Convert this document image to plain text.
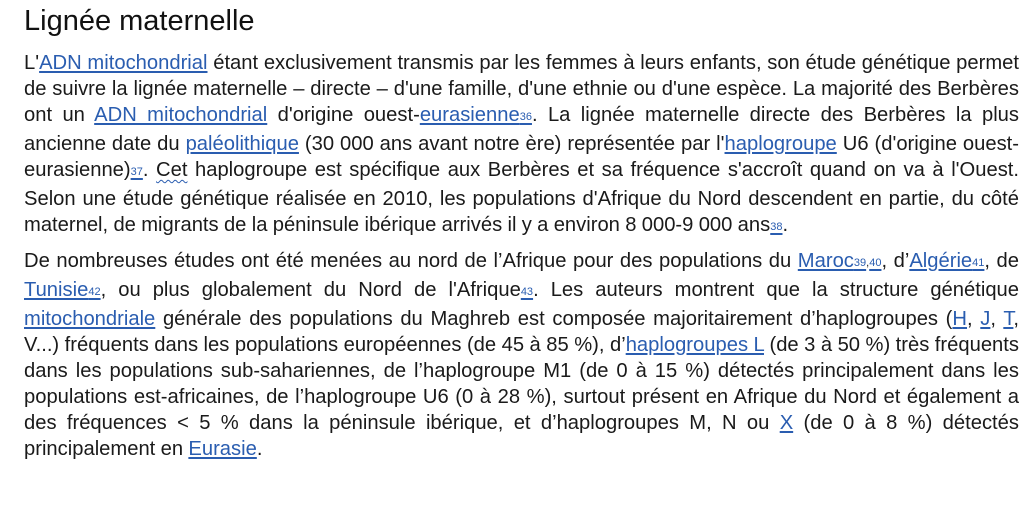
Lignée maternelle

L'ADN mitochondrial étant exclusivement transmis par les femmes à leurs enfants, son étude génétique permet de suivre la lignée maternelle – directe – d'une famille, d'une ethnie ou d'une espèce. La majorité des Berbères ont un ADN mitochondrial d'origine ouest-eurasienne$^{36}$. La lignée maternelle directe des Berbères la plus ancienne date du paléolithique (30 000 ans avant notre ère) représentée par l'haplogroupe U6 (d'origine ouest-eurasienne)$^{37}$. Cet haplogroupe est spécifique aux Berbères et sa fréquence s'accroît quand on va à l'Ouest. Selon une étude génétique réalisée en 2010, les populations d'Afrique du Nord descendent en partie, du côté maternel, de migrants de la péninsule ibérique arrivés il y a environ 8 000-9 000 ans$^{38}$.

De nombreuses études ont été menées au nord de l’Afrique pour des populations du Maroc$^{39,40}$, d’Algérie$^{41}$, de Tunisie$^{42}$, ou plus globalement du Nord de l'Afrique$^{43}$. Les auteurs montrent que la structure génétique mitochondriale générale des populations du Maghreb est composée majoritairement d’haplogroupes (H, J, T, V...) fréquents dans les populations européennes (de 45 à 85 %), d’haplogroupes L (de 3 à 50 %) très fréquents dans les populations sub-sahariennes, de l’haplogroupe M1 (de 0 à 15 %) détectés principalement dans les populations est-africaines, de l’haplogroupe U6 (0 à 28 %), surtout présent en Afrique du Nord et également a des fréquences < 5 % dans la péninsule ibérique, et d’haplogroupes M, N ou X (de 0 à 8 %) détectés principalement en Eurasie.
